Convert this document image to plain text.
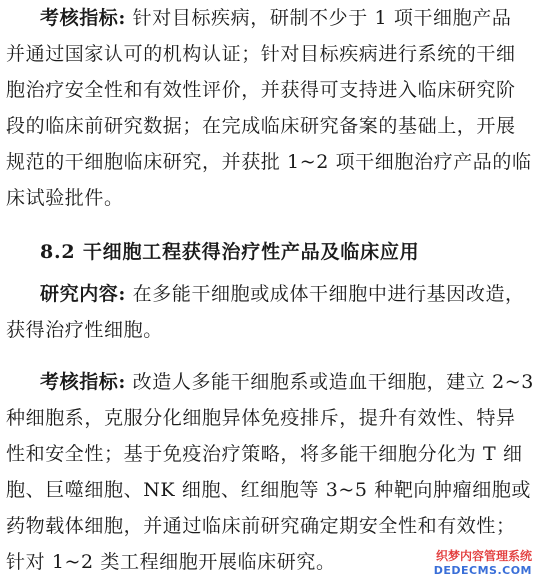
考核指标: 针对目标疾病，研制不少于 1 项干细胞产品
并通过国家认可的机构认证；针对目标疾病进行系统的干细
胞治疗安全性和有效性评价，并获得可支持进入临床研究阶
段的临床前研究数据；在完成临床研究备案的基础上，开展
规范的干细胞临床研究，并获批 1~2 项干细胞治疗产品的临
床试验批件。
8.2 干细胞工程获得治疗性产品及临床应用
研究内容: 在多能干细胞或成体干细胞中进行基因改造，
获得治疗性细胞。
考核指标: 改造人多能干细胞系或造血干细胞，建立 2~3
种细胞系，克服分化细胞异体免疫排斥，提升有效性、特异
性和安全性；基于免疫治疗策略，将多能干细胞分化为 T 细
胞、巨噬细胞、NK 细胞、红细胞等 3~5 种靶向肿瘤细胞或
药物载体细胞，并通过临床前研究确定期安全性和有效性；
针对 1~2 类工程细胞开展临床研究。	织梦内容管理系统
DEDECMS.COM
